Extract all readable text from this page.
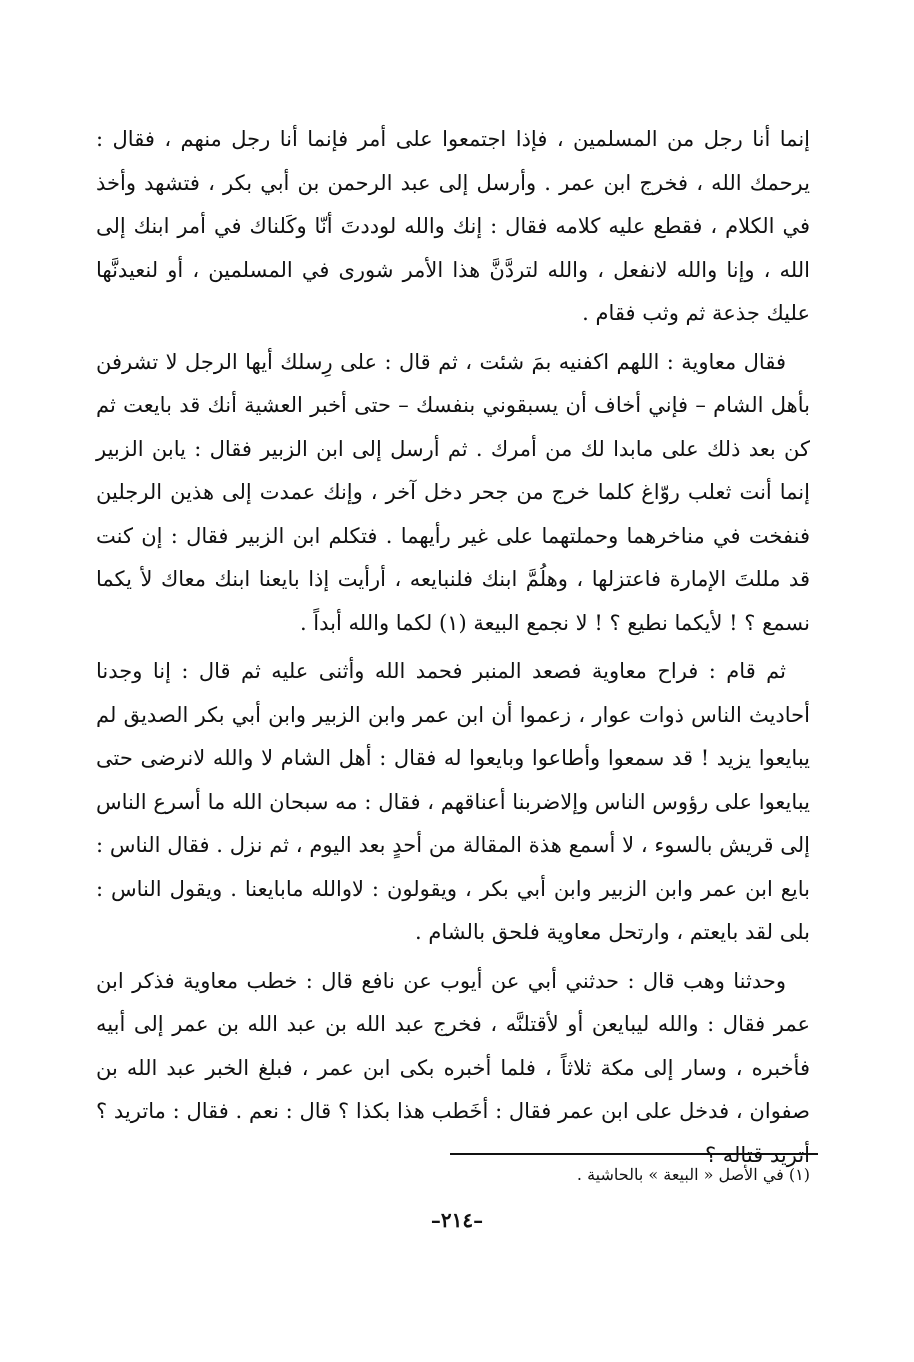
إنما أنا رجل من المسلمين ، فإذا اجتمعوا على أمر فإنما أنا رجل منهم ، فقال : يرحمك الله ، فخرج ابن عمر . وأرسل إلى عبد الرحمن بن أبي بكر ، فتشهد وأخذ في الكلام ، فقطع عليه كلامه فقال : إنك والله لوددتَ أنّا وكَلناك في أمر ابنك إلى الله ، وإنا والله لانفعل ، والله لتردَّنَّ هذا الأمر شورى في المسلمين ، أو لنعيدنَّها عليك جذعة ثم وثب فقام .

فقال معاوية : اللهم اكفنيه بمَ شئت ، ثم قال : على رِسلك أيها الرجل لا تشرفن بأهل الشام – فإني أخاف أن يسبقوني بنفسك – حتى أخبر العشية أنك قد بايعت ثم كن بعد ذلك على مابدا لك من أمرك . ثم أرسل إلى ابن الزبير فقال : يابن الزبير إنما أنت ثعلب روّاغ كلما خرج من جحر دخل آخر ، وإنك عمدت إلى هذين الرجلين فنفخت في مناخرهما وحملتهما على غير رأيهما . فتكلم ابن الزبير فقال : إن كنت قد مللتَ الإمارة فاعتزلها ، وهلُمَّ ابنك فلنبايعه ، أرأيت إذا بايعنا ابنك معاك لأ يكما نسمع ؟ ! لأيكما نطيع ؟ ! لا نجمع البيعة (١) لكما والله أبداً .

ثم قام : فراح معاوية فصعد المنبر فحمد الله وأثنى عليه ثم قال : إنا وجدنا أحاديث الناس ذوات عوار ، زعموا أن ابن عمر وابن الزبير وابن أبي بكر الصديق لم يبايعوا يزيد ! قد سمعوا وأطاعوا وبايعوا له فقال : أهل الشام لا والله لانرضى حتى يبايعوا على رؤوس الناس وإلاضربنا أعناقهم ، فقال : مه سبحان الله ما أسرع الناس إلى قريش بالسوء ، لا أسمع هذة المقالة من أحدٍ بعد اليوم ، ثم نزل . فقال الناس : بايع ابن عمر وابن الزبير وابن أبي بكر ، ويقولون : لاوالله مابايعنا . ويقول الناس : بلى لقد بايعتم ، وارتحل معاوية فلحق بالشام .

وحدثنا وهب قال : حدثني أبي عن أيوب عن نافع قال : خطب معاوية فذكر ابن عمر فقال : والله ليبايعن أو لأقتلنَّه ، فخرج عبد الله بن عبد الله بن عمر إلى أبيه فأخبره ، وسار إلى مكة ثلاثاً ، فلما أخبره بكى ابن عمر ، فبلغ الخبر عبد الله بن صفوان ، فدخل على ابن عمر فقال : أخَطب هذا بكذا ؟ قال : نعم . فقال : ماتريد ؟ أتريد قتاله ؟

(١) في الأصل « البيعة » بالحاشية .

–٢١٤–
